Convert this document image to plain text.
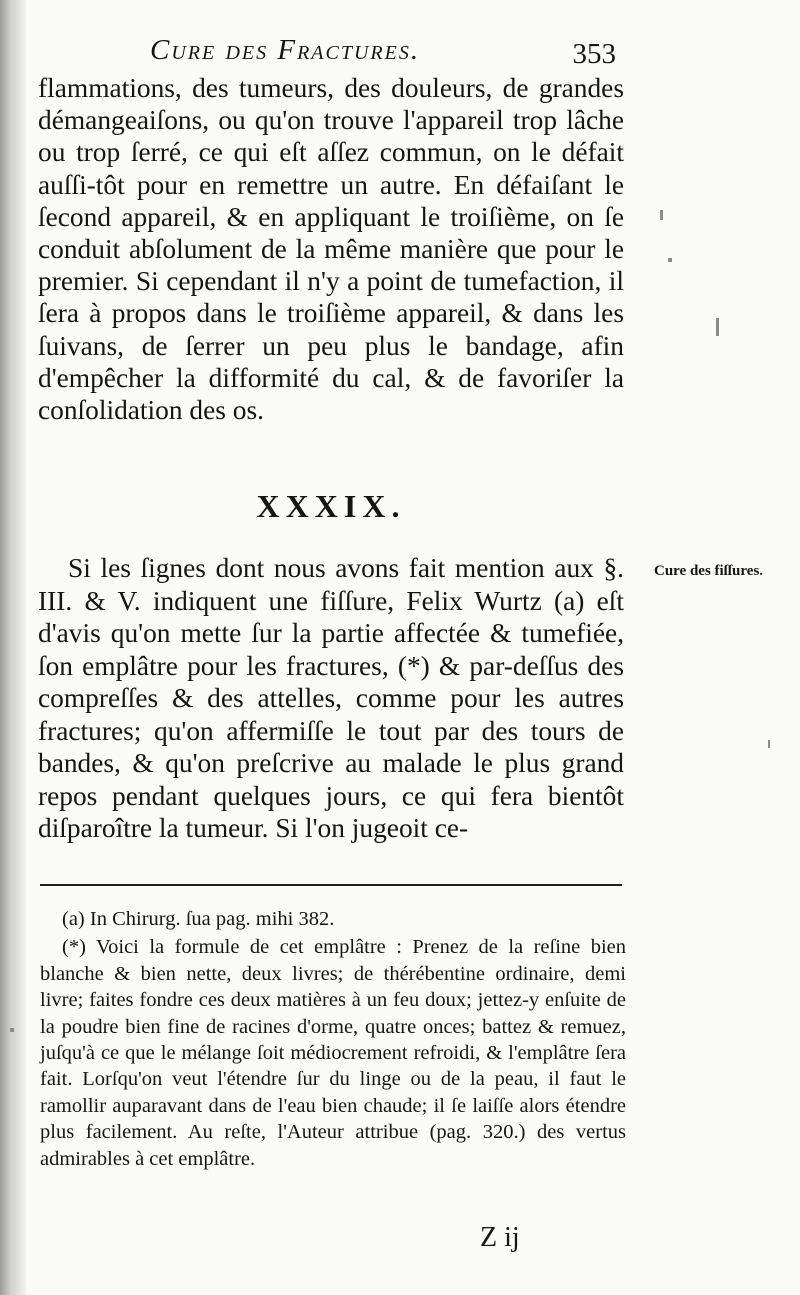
Cure des Fractures.	353

flammations, des tumeurs, des douleurs, de grandes démangeaiſons, ou qu'on trouve l'appareil trop lâche ou trop ſerré, ce qui eſt aſſez commun, on le défait auſſi-tôt pour en remettre un autre. En défaiſant le ſecond appareil, & en appliquant le troiſième, on ſe conduit abſolument de la même manière que pour le premier. Si cependant il n'y a point de tumefaction, il ſera à propos dans le troiſième appareil, & dans les ſuivans, de ſerrer un peu plus le bandage, afin d'empêcher la difformité du cal, & de favoriſer la conſolidation des os.

XXXIX.

Si les ſignes dont nous avons fait mention aux §. III. & V. indiquent une fiſſure, Felix Wurtz (a) eſt d'avis qu'on mette ſur la partie affectée & tumefiée, ſon emplâtre pour les fractures, (*) & par-deſſus des compreſſes & des attelles, comme pour les autres fractures; qu'on affermiſſe le tout par des tours de bandes, & qu'on preſcrive au malade le plus grand repos pendant quelques jours, ce qui fera bientôt diſparoître la tumeur. Si l'on jugeoit ce-

Cure des fiſſures.

(a) In Chirurg. ſua pag. mihi 382.

(*) Voici la formule de cet emplâtre : Prenez de la reſine bien blanche & bien nette, deux livres; de thérébentine ordinaire, demi livre; faites fondre ces deux matières à un feu doux; jettez-y enſuite de la poudre bien fine de racines d'orme, quatre onces; battez & remuez, juſqu'à ce que le mélange ſoit médiocrement refroidi, & l'emplâtre ſera fait. Lorſqu'on veut l'étendre ſur du linge ou de la peau, il faut le ramollir auparavant dans de l'eau bien chaude; il ſe laiſſe alors étendre plus facilement. Au reſte, l'Auteur attribue (pag. 320.) des vertus admirables à cet emplâtre.

Z ij
